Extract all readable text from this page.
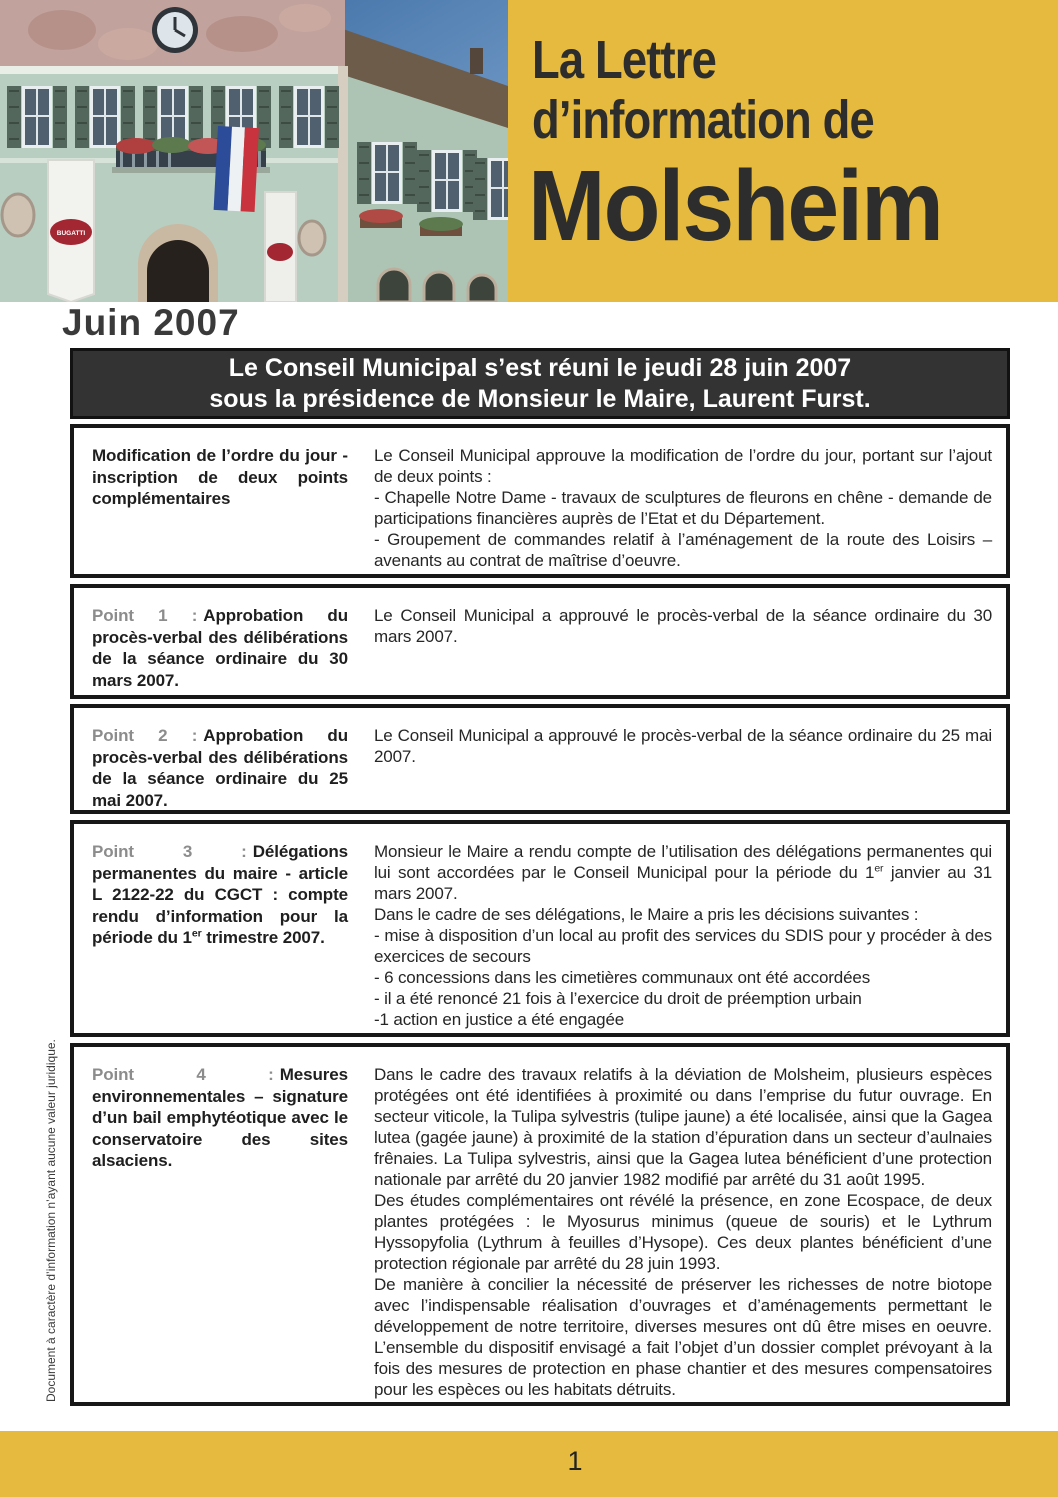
BUGATTI
La Lettre
d’information de
Molsheim
Juin 2007
Le Conseil Municipal s’est réuni le jeudi 28 juin 2007
sous la présidence de Monsieur le Maire, Laurent Furst.

Modification de l’ordre du jour - inscription de deux points complémentaires

Le Conseil Municipal approuve la modification de l’ordre du jour, portant sur l’ajout de deux points :

- Chapelle Notre Dame - travaux de sculptures de fleurons en chêne - demande de participations financières auprès de l’Etat et du Département.

- Groupement de commandes relatif à l’aménagement de la route des Loisirs – avenants au contrat de maîtrise d’oeuvre.

Point 1 : Approbation du procès-verbal des délibérations de la séance ordinaire du 30 mars 2007.

Le Conseil Municipal a approuvé le procès-verbal de la séance ordinaire du 30 mars 2007.

Point 2 : Approbation du procès-verbal des délibérations de la séance ordinaire du 25 mai 2007.

Le Conseil Municipal a approuvé le procès-verbal de la séance ordinaire du 25 mai 2007.

Point 3 : Délégations permanentes du maire - article L 2122-22 du CGCT : compte rendu d’information pour la période du 1er trimestre 2007.

Monsieur le Maire a rendu compte de l’utilisation des délégations permanentes qui lui sont accordées par le Conseil Municipal pour la période du 1er janvier au 31 mars 2007.

Dans le cadre de ses délégations, le Maire a pris les décisions suivantes :

- mise à disposition d’un local au profit des services du SDIS pour y procéder à des exercices de secours

- 6 concessions dans les cimetières communaux ont été accordées

- il a été renoncé 21 fois à l’exercice du droit de préemption urbain

-1 action en justice a été engagée

Point 4 : Mesures environnementales – signature d’un bail emphytéotique avec le conservatoire des sites alsaciens.

Dans le cadre des travaux relatifs à la déviation de Molsheim, plusieurs espèces protégées ont été identifiées à proximité ou dans l’emprise du futur ouvrage. En secteur viticole, la Tulipa sylvestris (tulipe jaune) a été localisée, ainsi que la Gagea lutea (gagée jaune) à proximité de la station d’épuration dans un secteur d’aulnaies frênaies. La Tulipa sylvestris, ainsi que la Gagea lutea bénéficient d’une protection nationale par arrêté du 20 janvier 1982 modifié par arrêté du 31 août 1995.

Des études complémentaires ont révélé la présence, en zone Ecospace, de deux plantes protégées : le Myosurus minimus (queue de souris) et le Lythrum Hyssopyfolia (Lythrum à feuilles d’Hysope). Ces deux plantes bénéficient d’une protection régionale par arrêté du 28 juin 1993.

De manière à concilier la nécessité de préserver les richesses de notre biotope avec l’indispensable réalisation d’ouvrages et d’aménagements permettant le développement de notre territoire, diverses mesures ont dû être mises en oeuvre. L’ensemble du dispositif envisagé a fait l’objet d’un dossier complet prévoyant à la fois des mesures de protection en phase chantier et des mesures compensatoires pour les espèces ou les habitats détruits.

Document à caractère d’information n’ayant aucune valeur juridique.

1
